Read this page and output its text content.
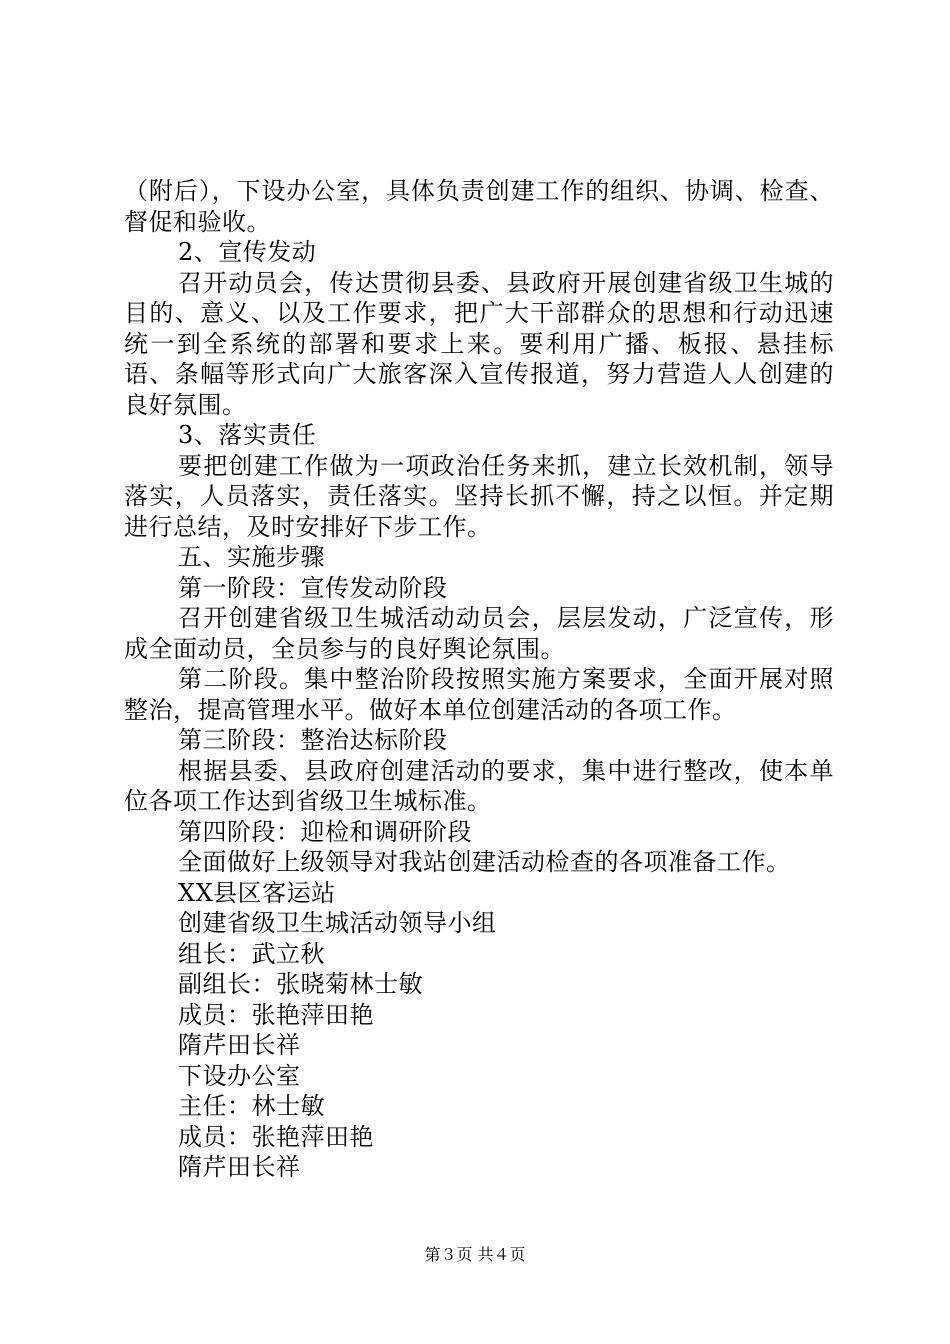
（附后），下设办公室，具体负责创建工作的组织、协调、检查、督促和验收。

2、宣传发动

召开动员会，传达贯彻县委、县政府开展创建省级卫生城的目的、意义、以及工作要求，把广大干部群众的思想和行动迅速统一到全系统的部署和要求上来。要利用广播、板报、悬挂标语、条幅等形式向广大旅客深入宣传报道，努力营造人人创建的良好氛围。

3、落实责任

要把创建工作做为一项政治任务来抓，建立长效机制，领导落实，人员落实，责任落实。坚持长抓不懈，持之以恒。并定期进行总结，及时安排好下步工作。

五、实施步骤

第一阶段：宣传发动阶段

召开创建省级卫生城活动动员会，层层发动，广泛宣传，形成全面动员，全员参与的良好舆论氛围。

第二阶段。集中整治阶段按照实施方案要求，全面开展对照整治，提高管理水平。做好本单位创建活动的各项工作。

第三阶段：整治达标阶段

根据县委、县政府创建活动的要求，集中进行整改，使本单位各项工作达到省级卫生城标准。

第四阶段：迎检和调研阶段

全面做好上级领导对我站创建活动检查的各项准备工作。

XX县区客运站

创建省级卫生城活动领导小组

组长：武立秋

副组长：张晓菊林士敏

成员：张艳萍田艳

隋芹田长祥

下设办公室

主任：林士敏

成员：张艳萍田艳

隋芹田长祥

第３页 共４页
